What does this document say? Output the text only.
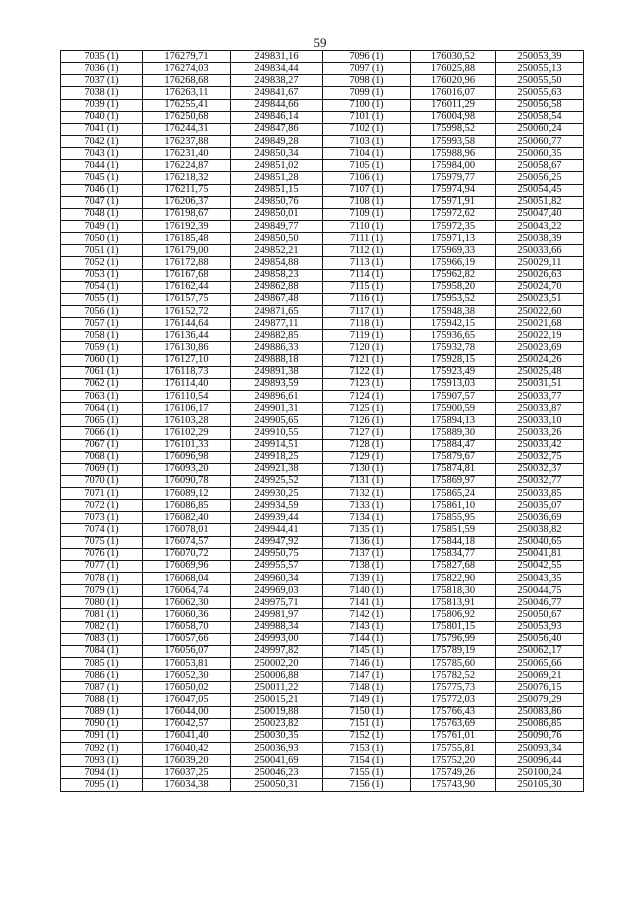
59
7035 (1)	176279,71	249831,16	7096 (1)	176030,52	250053,39
7036 (1)	176274,03	249834,44	7097 (1)	176025,88	250055,13
7037 (1)	176268,68	249838,27	7098 (1)	176020,96	250055,50
7038 (1)	176263,11	249841,67	7099 (1)	176016,07	250055,63
7039 (1)	176255,41	249844,66	7100 (1)	176011,29	250056,58
7040 (1)	176250,68	249846,14	7101 (1)	176004,98	250058,54
7041 (1)	176244,31	249847,86	7102 (1)	175998,52	250060,24
7042 (1)	176237,88	249849,28	7103 (1)	175993,58	250060,77
7043 (1)	176231,40	249850,34	7104 (1)	175988,96	250060,35
7044 (1)	176224,87	249851,02	7105 (1)	175984,00	250058,67
7045 (1)	176218,32	249851,28	7106 (1)	175979,77	250056,25
7046 (1)	176211,75	249851,15	7107 (1)	175974,94	250054,45
7047 (1)	176206,37	249850,76	7108 (1)	175971,91	250051,82
7048 (1)	176198,67	249850,01	7109 (1)	175972,62	250047,40
7049 (1)	176192,39	249849,77	7110 (1)	175972,35	250043,22
7050 (1)	176185,48	249850,50	7111 (1)	175971,13	250038,39
7051 (1)	176179,00	249852,21	7112 (1)	175969,33	250033,66
7052 (1)	176172,88	249854,88	7113 (1)	175966,19	250029,11
7053 (1)	176167,68	249858,23	7114 (1)	175962,82	250026,63
7054 (1)	176162,44	249862,88	7115 (1)	175958,20	250024,70
7055 (1)	176157,75	249867,48	7116 (1)	175953,52	250023,51
7056 (1)	176152,72	249871,65	7117 (1)	175948,38	250022,60
7057 (1)	176144,64	249877,11	7118 (1)	175942,15	250021,68
7058 (1)	176136,44	249882,85	7119 (1)	175936,65	250022,19
7059 (1)	176130,86	249886,33	7120 (1)	175932,78	250023,69
7060 (1)	176127,10	249888,18	7121 (1)	175928,15	250024,26
7061 (1)	176118,73	249891,38	7122 (1)	175923,49	250025,48
7062 (1)	176114,40	249893,59	7123 (1)	175913,03	250031,51
7063 (1)	176110,54	249896,61	7124 (1)	175907,57	250033,77
7064 (1)	176106,17	249901,31	7125 (1)	175900,59	250033,87
7065 (1)	176103,28	249905,65	7126 (1)	175894,13	250033,10
7066 (1)	176102,29	249910,55	7127 (1)	175889,30	250033,26
7067 (1)	176101,33	249914,51	7128 (1)	175884,47	250033,42
7068 (1)	176096,98	249918,25	7129 (1)	175879,67	250032,75
7069 (1)	176093,20	249921,38	7130 (1)	175874,81	250032,37
7070 (1)	176090,78	249925,52	7131 (1)	175869,97	250032,77
7071 (1)	176089,12	249930,25	7132 (1)	175865,24	250033,85
7072 (1)	176086,85	249934,59	7133 (1)	175861,10	250035,07
7073 (1)	176082,40	249939,44	7134 (1)	175855,95	250036,69
7074 (1)	176078,01	249944,41	7135 (1)	175851,59	250038,82
7075 (1)	176074,57	249947,92	7136 (1)	175844,18	250040,65
7076 (1)	176070,72	249950,75	7137 (1)	175834,77	250041,81
7077 (1)	176069,96	249955,57	7138 (1)	175827,68	250042,55
7078 (1)	176068,04	249960,34	7139 (1)	175822,90	250043,35
7079 (1)	176064,74	249969,03	7140 (1)	175818,30	250044,75
7080 (1)	176062,30	249975,71	7141 (1)	175813,91	250046,77
7081 (1)	176060,36	249981,97	7142 (1)	175806,92	250050,67
7082 (1)	176058,70	249988,34	7143 (1)	175801,15	250053,93
7083 (1)	176057,66	249993,00	7144 (1)	175796,99	250056,40
7084 (1)	176056,07	249997,82	7145 (1)	175789,19	250062,17
7085 (1)	176053,81	250002,20	7146 (1)	175785,60	250065,66
7086 (1)	176052,30	250006,88	7147 (1)	175782,52	250069,21
7087 (1)	176050,02	250011,22	7148 (1)	175775,73	250076,15
7088 (1)	176047,05	250015,21	7149 (1)	175772,03	250079,29
7089 (1)	176044,00	250019,88	7150 (1)	175766,43	250083,86
7090 (1)	176042,57	250023,82	7151 (1)	175763,69	250086,85
7091 (1)	176041,40	250030,35	7152 (1)	175761,01	250090,76
7092 (1)	176040,42	250036,93	7153 (1)	175755,81	250093,34
7093 (1)	176039,20	250041,69	7154 (1)	175752,20	250096,44
7094 (1)	176037,25	250046,23	7155 (1)	175749,26	250100,24
7095 (1)	176034,38	250050,31	7156 (1)	175743,90	250105,30
